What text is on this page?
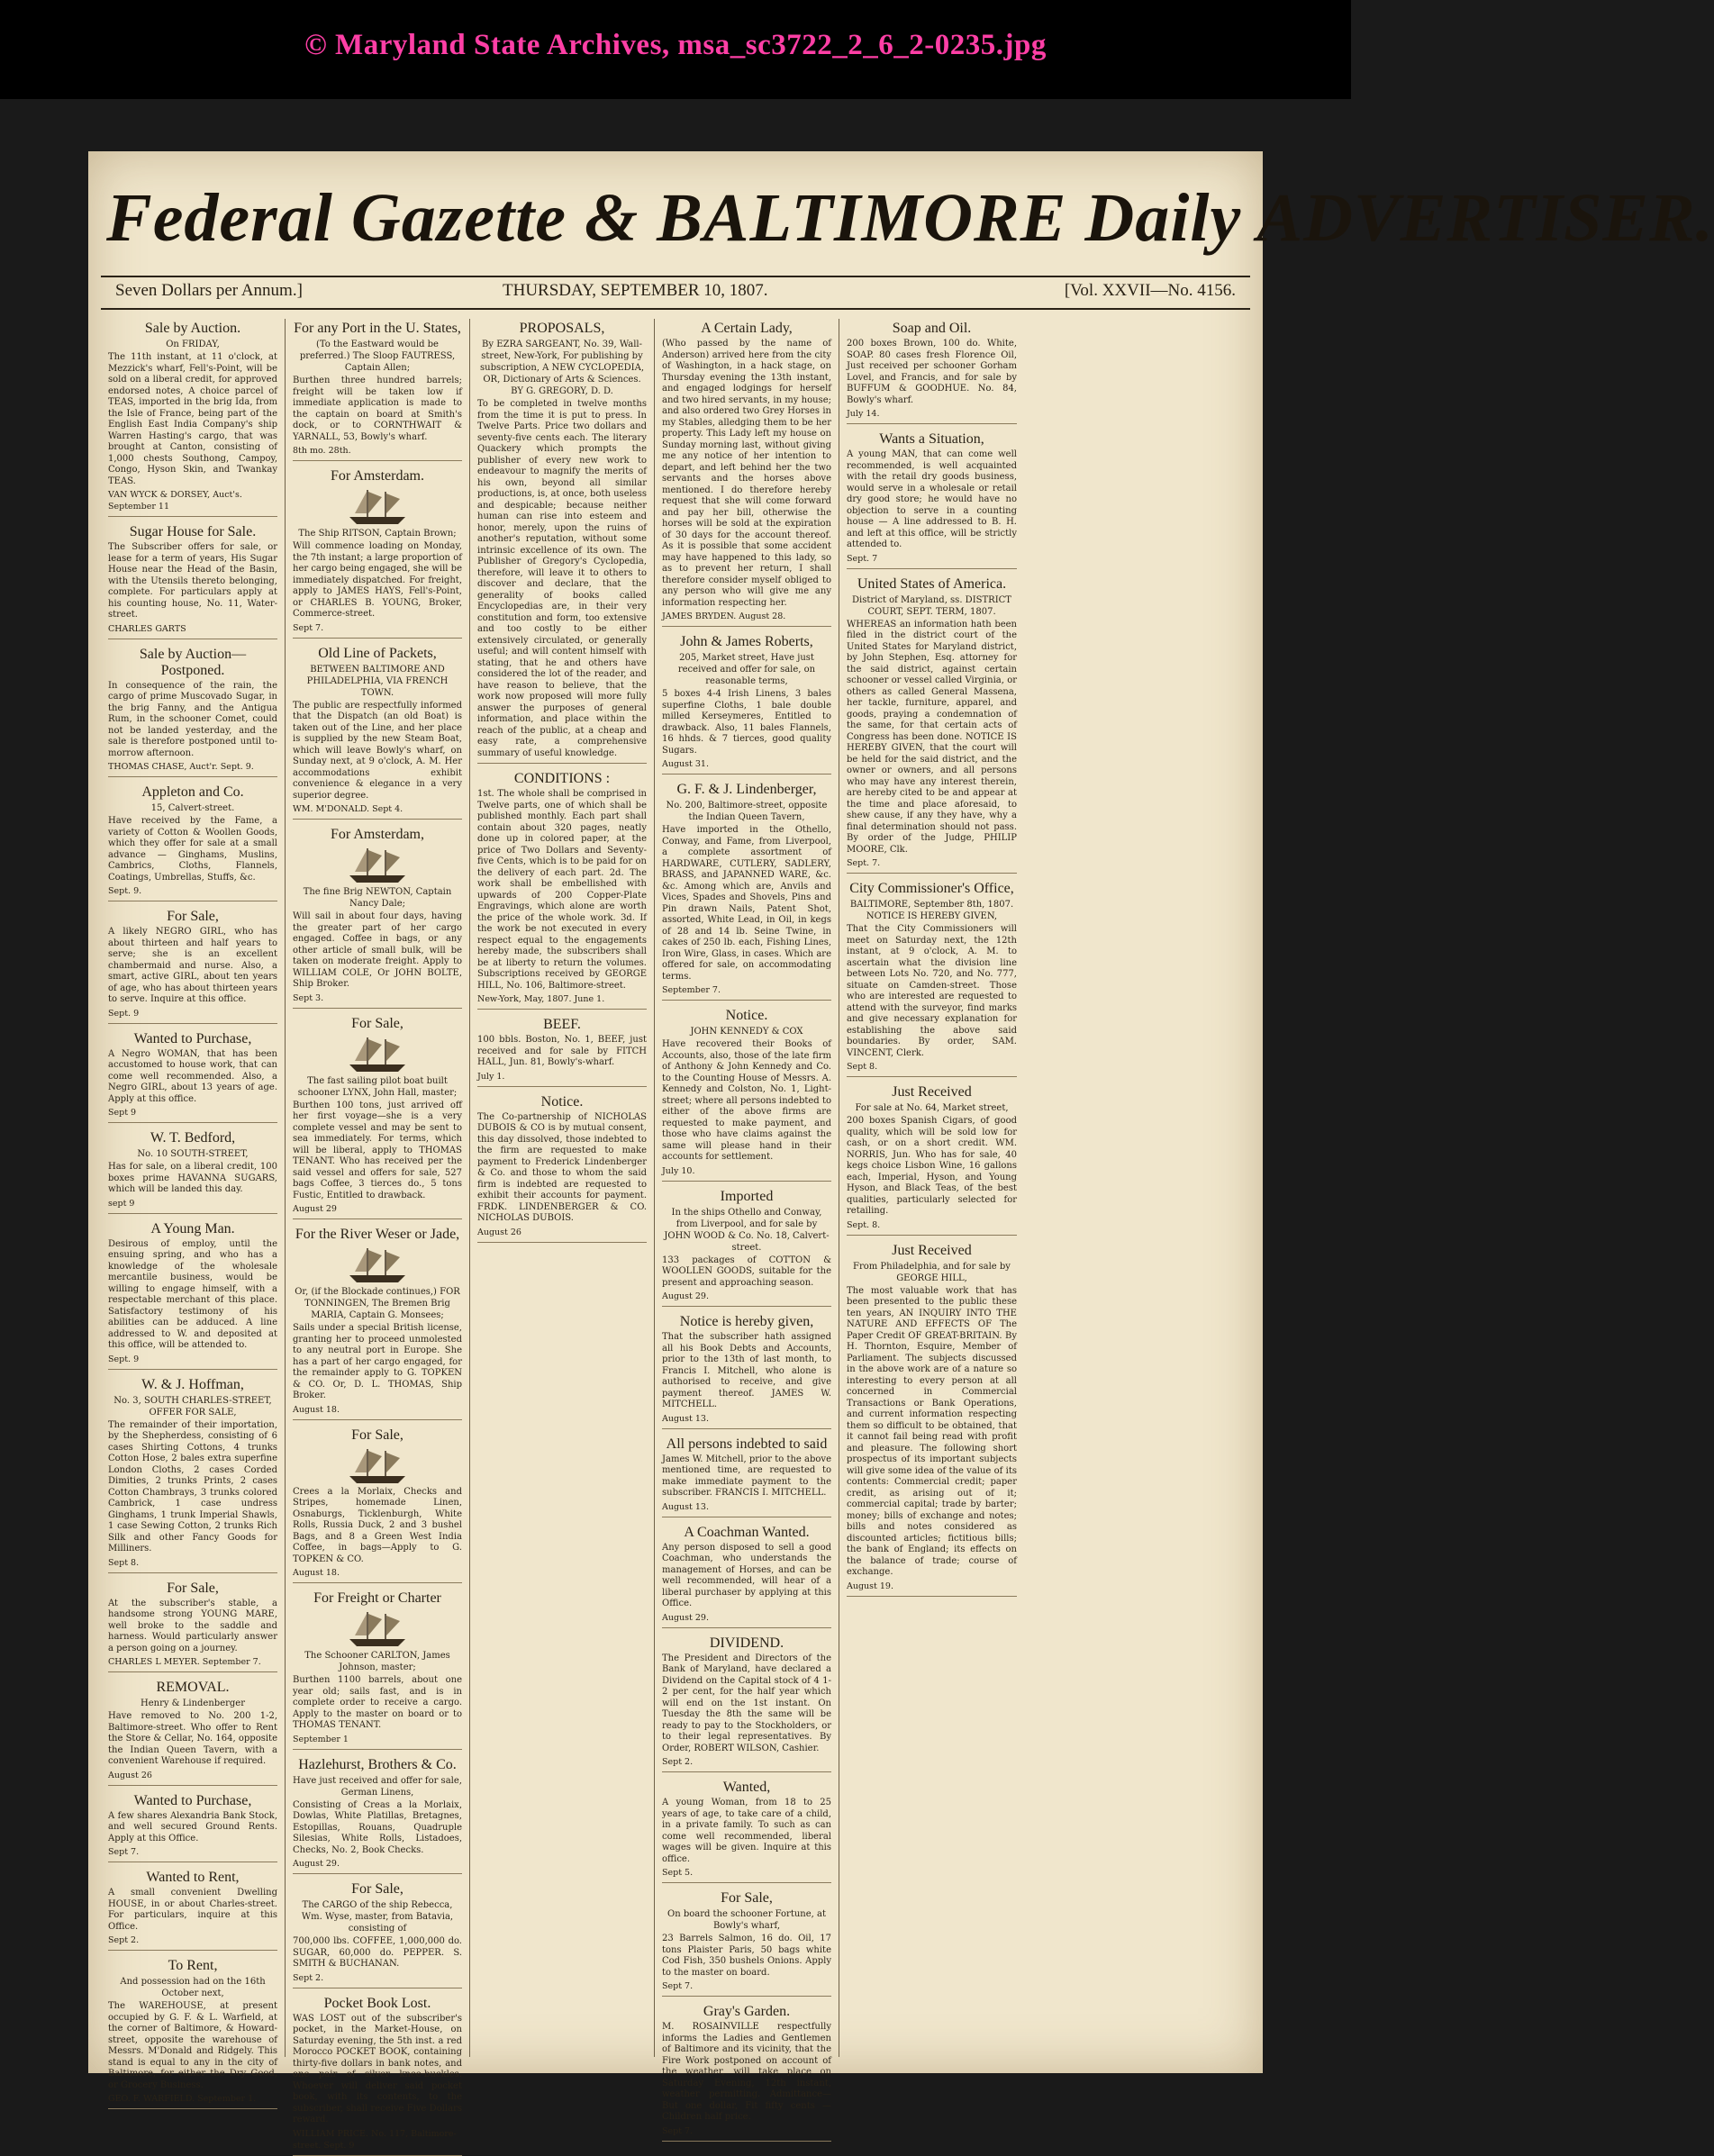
© Maryland State Archives, msa_sc3722_2_6_2-0235.jpg
Federal Gazette & BALTIMORE Daily ADVERTISER.
Seven Dollars per Annum.]	THURSDAY, SEPTEMBER 10, 1807.	[Vol. XXVII—No. 4156.
Sale by Auction.
On FRIDAY,

The 11th instant, at 11 o'clock, at Mezzick's wharf, Fell's-Point, will be sold on a liberal credit, for approved endorsed notes, A choice parcel of TEAS, imported in the brig Ida, from the Isle of France, being part of the English East India Company's ship Warren Hasting's cargo, that was brought at Canton, consisting of 1,000 chests Southong, Campoy, Congo, Hyson Skin, and Twankay TEAS.

VAN WYCK & DORSEY, Auct's. September 11
Sugar House for Sale.

The Subscriber offers for sale, or lease for a term of years, His Sugar House near the Head of the Basin, with the Utensils thereto belonging, complete. For particulars apply at his counting house, No. 11, Water-street.

CHARLES GARTS
Sale by Auction—Postponed.

In consequence of the rain, the cargo of prime Muscovado Sugar, in the brig Fanny, and the Antigua Rum, in the schooner Comet, could not be landed yesterday, and the sale is therefore postponed until to-morrow afternoon.

THOMAS CHASE, Auct'r. Sept. 9.
Appleton and Co.
15, Calvert-street.

Have received by the Fame, a variety of Cotton & Woollen Goods, which they offer for sale at a small advance — Ginghams, Muslins, Cambrics, Cloths, Flannels, Coatings, Umbrellas, Stuffs, &c.

Sept. 9.
For Sale,

A likely NEGRO GIRL, who has about thirteen and half years to serve; she is an excellent chambermaid and nurse. Also, a smart, active GIRL, about ten years of age, who has about thirteen years to serve. Inquire at this office.

Sept. 9
Wanted to Purchase,

A Negro WOMAN, that has been accustomed to house work, that can come well recommended. Also, a Negro GIRL, about 13 years of age. Apply at this office.

Sept 9
W. T. Bedford,
No. 10 SOUTH-STREET,

Has for sale, on a liberal credit, 100 boxes prime HAVANNA SUGARS, which will be landed this day.

sept 9
A Young Man.

Desirous of employ, until the ensuing spring, and who has a knowledge of the wholesale mercantile business, would be willing to engage himself, with a respectable merchant of this place. Satisfactory testimony of his abilities can be adduced. A line addressed to W. and deposited at this office, will be attended to.

Sept. 9
W. & J. Hoffman,
No. 3, SOUTH CHARLES-STREET, OFFER FOR SALE,

The remainder of their importation, by the Shepherdess, consisting of 6 cases Shirting Cottons, 4 trunks Cotton Hose, 2 bales extra superfine London Cloths, 2 cases Corded Dimities, 2 trunks Prints, 2 cases Cotton Chambrays, 3 trunks colored Cambrick, 1 case undress Ginghams, 1 trunk Imperial Shawls, 1 case Sewing Cotton, 2 trunks Rich Silk and other Fancy Goods for Milliners.

Sept 8.
For Sale,

At the subscriber's stable, a handsome strong YOUNG MARE, well broke to the saddle and harness. Would particularly answer a person going on a journey.

CHARLES L MEYER. September 7.
REMOVAL.
Henry & Lindenberger

Have removed to No. 200 1-2, Baltimore-street. Who offer to Rent the Store & Cellar, No. 164, opposite the Indian Queen Tavern, with a convenient Warehouse if required.

August 26
Wanted to Purchase,

A few shares Alexandria Bank Stock, and well secured Ground Rents. Apply at this Office.

Sept 7.
Wanted to Rent,

A small convenient Dwelling HOUSE, in or about Charles-street. For particulars, inquire at this Office.

Sept 2.
To Rent,
And possession had on the 16th October next,

The WAREHOUSE, at present occupied by G. F. & L. Warfield, at the corner of Baltimore, & Howard-street, opposite the warehouse of Messrs. M'Donald and Ridgely. This stand is equal to any in the city of Baltimore, for either the Dry Good, or Grocery Business.

GEO. F. WARFIELD. September 1.
For any Port in the U. States,
(To the Eastward would be preferred.) The Sloop FAUTRESS, Captain Allen;

Burthen three hundred barrels; freight will be taken low if immediate application is made to the captain on board at Smith's dock, or to CORNTHWAIT & YARNALL, 53, Bowly's wharf.

8th mo. 28th.
For Amsterdam.
The Ship RITSON, Captain Brown;

Will commence loading on Monday, the 7th instant; a large proportion of her cargo being engaged, she will be immediately dispatched. For freight, apply to JAMES HAYS, Fell's-Point, or CHARLES B. YOUNG, Broker, Commerce-street.

Sept 7.
Old Line of Packets,
BETWEEN BALTIMORE AND PHILADELPHIA, VIA FRENCH TOWN.

The public are respectfully informed that the Dispatch (an old Boat) is taken out of the Line, and her place is supplied by the new Steam Boat, which will leave Bowly's wharf, on Sunday next, at 9 o'clock, A. M. Her accommodations exhibit convenience & elegance in a very superior degree.

WM. M'DONALD. Sept 4.
For Amsterdam,
The fine Brig NEWTON, Captain Nancy Dale;

Will sail in about four days, having the greater part of her cargo engaged. Coffee in bags, or any other article of small bulk, will be taken on moderate freight. Apply to WILLIAM COLE, Or JOHN BOLTE, Ship Broker.

Sept 3.
For Sale,
The fast sailing pilot boat built schooner LYNX, John Hall, master;

Burthen 100 tons, just arrived off her first voyage—she is a very complete vessel and may be sent to sea immediately. For terms, which will be liberal, apply to THOMAS TENANT. Who has received per the said vessel and offers for sale, 527 bags Coffee, 3 tierces do., 5 tons Fustic, Entitled to drawback.

August 29
For the River Weser or Jade,
Or, (if the Blockade continues,) FOR TONNINGEN, The Bremen Brig MARIA, Captain G. Monsees;

Sails under a special British license, granting her to proceed unmolested to any neutral port in Europe. She has a part of her cargo engaged, for the remainder apply to G. TOPKEN & CO. Or, D. L. THOMAS, Ship Broker.

August 18.
For Sale,

Crees a la Morlaix, Checks and Stripes, homemade Linen, Osnaburgs, Ticklenburgh, White Rolls, Russia Duck, 2 and 3 bushel Bags, and 8 a Green West India Coffee, in bags—Apply to G. TOPKEN & CO.

August 18.
For Freight or Charter
The Schooner CARLTON, James Johnson, master;

Burthen 1100 barrels, about one year old; sails fast, and is in complete order to receive a cargo. Apply to the master on board or to THOMAS TENANT.

September 1
Hazlehurst, Brothers & Co.
Have just received and offer for sale, German Linens,

Consisting of Creas a la Morlaix, Dowlas, White Platillas, Bretagnes, Estopillas, Rouans, Quadruple Silesias, White Rolls, Listadoes, Checks, No. 2, Book Checks.

August 29.
For Sale,
The CARGO of the ship Rebecca, Wm. Wyse, master, from Batavia, consisting of

700,000 lbs. COFFEE, 1,000,000 do. SUGAR, 60,000 do. PEPPER. S. SMITH & BUCHANAN.

Sept 2.
Pocket Book Lost.

WAS LOST out of the subscriber's pocket, in the Market-House, on Saturday evening, the 5th inst. a red Morocco POCKET BOOK, containing thirty-five dollars in bank notes, and one pair of silver knee-buckles. Whoever will deliver said pocket book, with its contents, to the subscriber, shall receive Five Dollars reward.

WILLIAM PRICE. No. 117, Baltimore-street. Sept. 9
PROPOSALS,
By EZRA SARGEANT, No. 39, Wall-street, New-York, For publishing by subscription, A NEW CYCLOPEDIA, OR, Dictionary of Arts & Sciences. BY G. GREGORY, D. D.

To be completed in twelve months from the time it is put to press. In Twelve Parts. Price two dollars and seventy-five cents each. The literary Quackery which prompts the publisher of every new work to endeavour to magnify the merits of his own, beyond all similar productions, is, at once, both useless and despicable; because neither human can rise into esteem and honor, merely, upon the ruins of another's reputation, without some intrinsic excellence of its own. The Publisher of Gregory's Cyclopedia, therefore, will leave it to others to discover and declare, that the generality of books called Encyclopedias are, in their very constitution and form, too extensive and too costly to be either extensively circulated, or generally useful; and will content himself with stating, that he and others have considered the lot of the reader, and have reason to believe, that the work now proposed will more fully answer the purposes of general information, and place within the reach of the public, at a cheap and easy rate, a comprehensive summary of useful knowledge.

CONDITIONS :

1st. The whole shall be comprised in Twelve parts, one of which shall be published monthly. Each part shall contain about 320 pages, neatly done up in colored paper, at the price of Two Dollars and Seventy-five Cents, which is to be paid for on the delivery of each part. 2d. The work shall be embellished with upwards of 200 Copper-Plate Engravings, which alone are worth the price of the whole work. 3d. If the work be not executed in every respect equal to the engagements hereby made, the subscribers shall be at liberty to return the volumes. Subscriptions received by GEORGE HILL, No. 106, Baltimore-street.

New-York, May, 1807. June 1.
BEEF.

100 bbls. Boston, No. 1, BEEF, just received and for sale by FITCH HALL, Jun. 81, Bowly's-wharf.

July 1.
Notice.

The Co-partnership of NICHOLAS DUBOIS & CO is by mutual consent, this day dissolved, those indebted to the firm are requested to make payment to Frederick Lindenberger & Co. and those to whom the said firm is indebted are requested to exhibit their accounts for payment. FRDK. LINDENBERGER & CO. NICHOLAS DUBOIS.

August 26
A Certain Lady,

(Who passed by the name of Anderson) arrived here from the city of Washington, in a hack stage, on Thursday evening the 13th instant, and engaged lodgings for herself and two hired servants, in my house; and also ordered two Grey Horses in my Stables, alledging them to be her property. This Lady left my house on Sunday morning last, without giving me any notice of her intention to depart, and left behind her the two servants and the horses above mentioned. I do therefore hereby request that she will come forward and pay her bill, otherwise the horses will be sold at the expiration of 30 days for the account thereof. As it is possible that some accident may have happened to this lady, so as to prevent her return, I shall therefore consider myself obliged to any person who will give me any information respecting her.

JAMES BRYDEN. August 28.
John & James Roberts,
205, Market street, Have just received and offer for sale, on reasonable terms,

5 boxes 4-4 Irish Linens, 3 bales superfine Cloths, 1 bale double milled Kerseymeres, Entitled to drawback. Also, 11 bales Flannels, 16 hhds. & 7 tierces, good quality Sugars.

August 31.
G. F. & J. Lindenberger,
No. 200, Baltimore-street, opposite the Indian Queen Tavern,

Have imported in the Othello, Conway, and Fame, from Liverpool, a complete assortment of HARDWARE, CUTLERY, SADLERY, BRASS, and JAPANNED WARE, &c. &c. Among which are, Anvils and Vices, Spades and Shovels, Pins and Pin drawn Nails, Patent Shot, assorted, White Lead, in Oil, in kegs of 28 and 14 lb. Seine Twine, in cakes of 250 lb. each, Fishing Lines, Iron Wire, Glass, in cases. Which are offered for sale, on accommodating terms.

September 7.
Notice.
JOHN KENNEDY & COX

Have recovered their Books of Accounts, also, those of the late firm of Anthony & John Kennedy and Co. to the Counting House of Messrs. A. Kennedy and Colston, No. 1, Light-street; where all persons indebted to either of the above firms are requested to make payment, and those who have claims against the same will please hand in their accounts for settlement.

July 10.
Imported
In the ships Othello and Conway, from Liverpool, and for sale by JOHN WOOD & Co. No. 18, Calvert-street.

133 packages of COTTON & WOOLLEN GOODS, suitable for the present and approaching season.

August 29.
Notice is hereby given,

That the subscriber hath assigned all his Book Debts and Accounts, prior to the 13th of last month, to Francis I. Mitchell, who alone is authorised to receive, and give payment thereof. JAMES W. MITCHELL.

August 13.
All persons indebted to said

James W. Mitchell, prior to the above mentioned time, are requested to make immediate payment to the subscriber. FRANCIS I. MITCHELL.

August 13.
A Coachman Wanted.

Any person disposed to sell a good Coachman, who understands the management of Horses, and can be well recommended, will hear of a liberal purchaser by applying at this Office.

August 29.
DIVIDEND.

The President and Directors of the Bank of Maryland, have declared a Dividend on the Capital stock of 4 1-2 per cent, for the half year which will end on the 1st instant. On Tuesday the 8th the same will be ready to pay to the Stockholders, or to their legal representatives. By Order, ROBERT WILSON, Cashier.

Sept 2.
Wanted,

A young Woman, from 18 to 25 years of age, to take care of a child, in a private family. To such as can come well recommended, liberal wages will be given. Inquire at this office.

Sept 5.
For Sale,
On board the schooner Fortune, at Bowly's wharf,

23 Barrels Salmon, 16 do. Oil, 17 tons Plaister Paris, 50 bags white Cod Fish, 350 bushels Onions. Apply to the master on board.

Sept 7.
Gray's Garden.

M. ROSAINVILLE respectfully informs the Ladies and Gentlemen of Baltimore and its vicinity, that the Fire Work postponed on account of the weather, will take place on Saturday Evening, 12th instant, weather permitting. Admittance—But one dollar, Fit fifty cents —Children half price.

Sept 7.
Soap and Oil.

200 boxes Brown, 100 do. White, SOAP. 80 cases fresh Florence Oil, Just received per schooner Gorham Lovel, and Francis, and for sale by BUFFUM & GOODHUE. No. 84, Bowly's wharf.

July 14.
Wants a Situation,

A young MAN, that can come well recommended, is well acquainted with the retail dry goods business, would serve in a wholesale or retail dry good store; he would have no objection to serve in a counting house — A line addressed to B. H. and left at this office, will be strictly attended to.

Sept. 7
United States of America.
District of Maryland, ss. DISTRICT COURT, SEPT. TERM, 1807.

WHEREAS an information hath been filed in the district court of the United States for Maryland district, by John Stephen, Esq. attorney for the said district, against certain schooner or vessel called Virginia, or others as called General Massena, her tackle, furniture, apparel, and goods, praying a condemnation of the same, for that certain acts of Congress has been done. NOTICE IS HEREBY GIVEN, that the court will be held for the said district, and the owner or owners, and all persons who may have any interest therein, are hereby cited to be and appear at the time and place aforesaid, to shew cause, if any they have, why a final determination should not pass. By order of the Judge, PHILIP MOORE, Clk.

Sept. 7.
City Commissioner's Office,
BALTIMORE, September 8th, 1807. NOTICE IS HEREBY GIVEN,

That the City Commissioners will meet on Saturday next, the 12th instant, at 9 o'clock, A. M. to ascertain what the division line between Lots No. 720, and No. 777, situate on Camden-street. Those who are interested are requested to attend with the surveyor, find marks and give necessary explanation for establishing the above said boundaries. By order, SAM. VINCENT, Clerk.

Sept 8.
Just Received
For sale at No. 64, Market street,

200 boxes Spanish Cigars, of good quality, which will be sold low for cash, or on a short credit. WM. NORRIS, Jun. Who has for sale, 40 kegs choice Lisbon Wine, 16 gallons each, Imperial, Hyson, and Young Hyson, and Black Teas, of the best qualities, particularly selected for retailing.

Sept. 8.
Just Received
From Philadelphia, and for sale by GEORGE HILL,

The most valuable work that has been presented to the public these ten years, AN INQUIRY INTO THE NATURE AND EFFECTS OF The Paper Credit OF GREAT-BRITAIN. By H. Thornton, Esquire, Member of Parliament. The subjects discussed in the above work are of a nature so interesting to every person at all concerned in Commercial Transactions or Bank Operations, and current information respecting them so difficult to be obtained, that it cannot fail being read with profit and pleasure. The following short prospectus of its important subjects will give some idea of the value of its contents: Commercial credit; paper credit, as arising out of it; commercial capital; trade by barter; money; bills of exchange and notes; bills and notes considered as discounted articles; fictitious bills; the bank of England; its effects on the balance of trade; course of exchange.

August 19.
